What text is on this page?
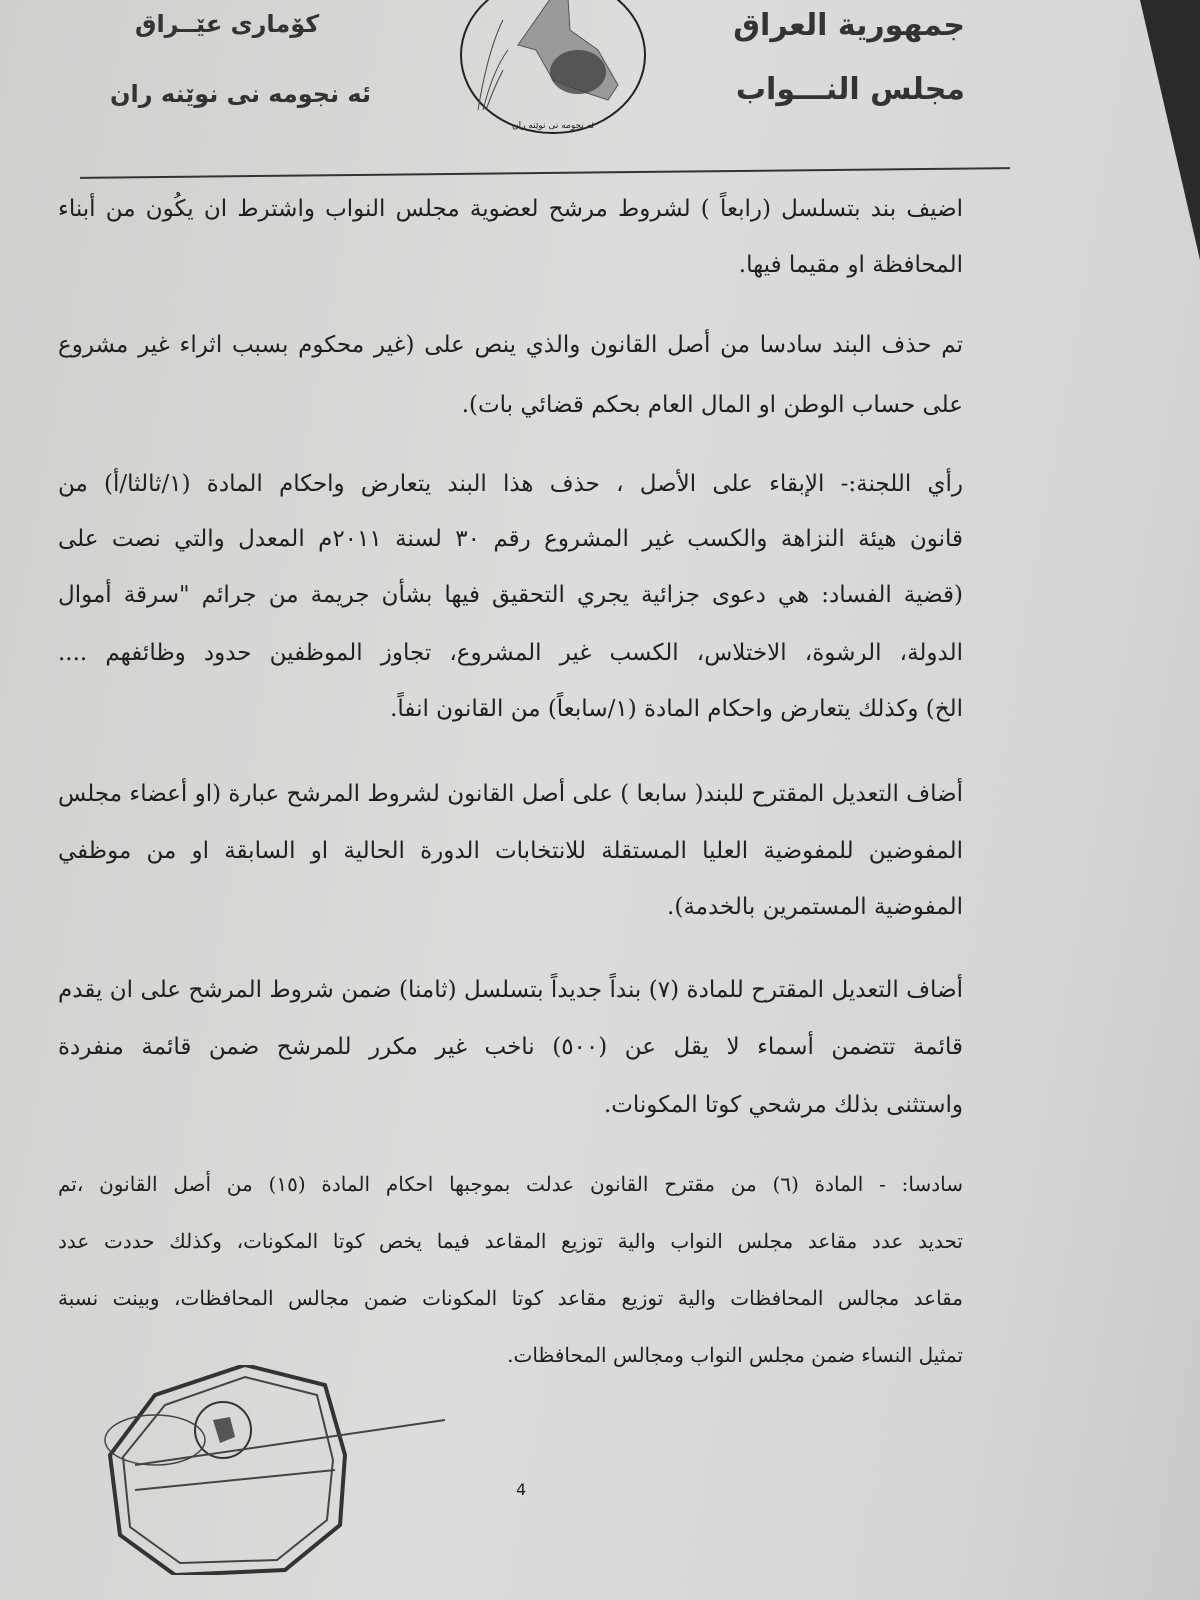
جمهورية العراق
مجلس النـــواب
كۆماری عێــراق
ئه نجومه نی نوێنه ران
ئه نجومه نی نوێنه ران
اضيف بند بتسلسل (رابعاً ) لشروط مرشح لعضوية مجلس النواب واشترط ان يكُون من أبناء
المحافظة او مقيما فيها.
تم حذف البند سادسا من أصل القانون والذي ينص على (غير محكوم بسبب اثراء غير مشروع
على حساب الوطن او المال العام بحكم قضائي بات).
رأي اللجنة:- الإبقاء على الأصل ، حذف هذا البند يتعارض واحكام المادة (١/ثالثا/أ) من
قانون هيئة النزاهة والكسب غير المشروع رقم ٣٠ لسنة ٢٠١١م المعدل والتي نصت على
(قضية الفساد: هي دعوى جزائية يجري التحقيق فيها بشأن جريمة من جرائم "سرقة أموال
الدولة، الرشوة، الاختلاس، الكسب غير المشروع، تجاوز الموظفين حدود وظائفهم ....
الخ) وكذلك يتعارض واحكام المادة (١/سابعاً) من القانون انفاً.
أضاف التعديل المقترح للبند( سابعا ) على أصل القانون لشروط المرشح عبارة (او أعضاء مجلس
المفوضين للمفوضية العليا المستقلة للانتخابات الدورة الحالية او السابقة او من موظفي
المفوضية المستمرين بالخدمة).
أضاف التعديل المقترح للمادة (٧) بنداً جديداً بتسلسل (ثامنا) ضمن شروط المرشح على ان يقدم
قائمة تتضمن أسماء لا يقل عن (٥٠٠) ناخب غير مكرر للمرشح ضمن قائمة منفردة
واستثنى بذلك مرشحي كوتا المكونات.
سادسا: - المادة (٦) من مقترح القانون عدلت بموجبها احكام المادة (١٥) من أصل القانون ،تم
تحديد عدد مقاعد مجلس النواب والية توزيع المقاعد فيما يخص كوتا المكونات، وكذلك حددت عدد
مقاعد مجالس المحافظات والية توزيع مقاعد كوتا المكونات ضمن مجالس المحافظات، وبينت نسبة
تمثيل النساء ضمن مجلس النواب ومجالس المحافظات.
4
